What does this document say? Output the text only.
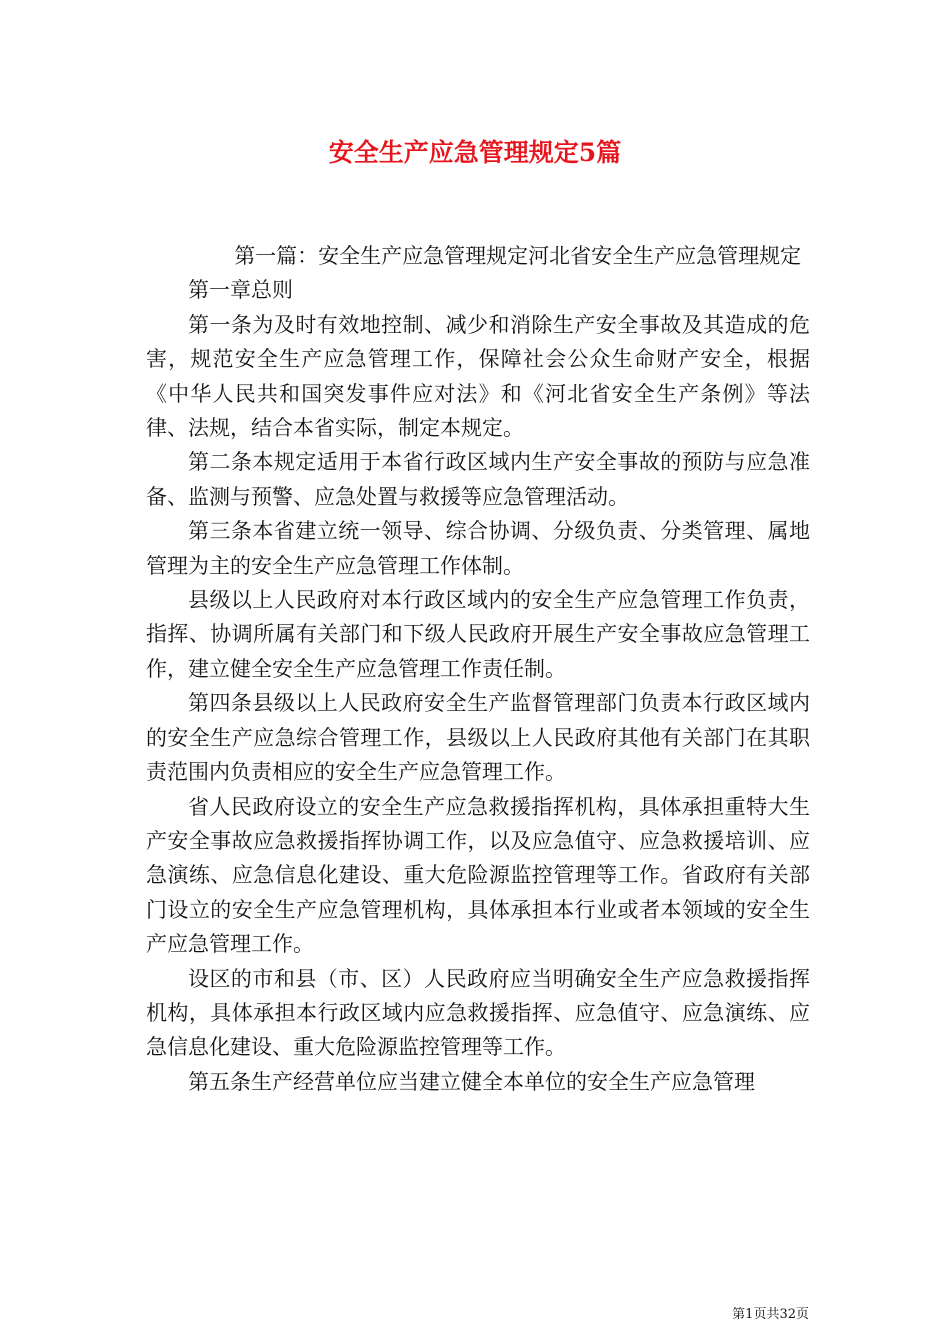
安全生产应急管理规定5篇

第一篇：安全生产应急管理规定河北省安全生产应急管理规定

第一章总则

第一条为及时有效地控制、减少和消除生产安全事故及其造成的危害，规范安全生产应急管理工作，保障社会公众生命财产安全，根据《中华人民共和国突发事件应对法》和《河北省安全生产条例》等法律、法规，结合本省实际，制定本规定。

第二条本规定适用于本省行政区域内生产安全事故的预防与应急准备、监测与预警、应急处置与救援等应急管理活动。

第三条本省建立统一领导、综合协调、分级负责、分类管理、属地管理为主的安全生产应急管理工作体制。

县级以上人民政府对本行政区域内的安全生产应急管理工作负责，指挥、协调所属有关部门和下级人民政府开展生产安全事故应急管理工作，建立健全安全生产应急管理工作责任制。

第四条县级以上人民政府安全生产监督管理部门负责本行政区域内的安全生产应急综合管理工作，县级以上人民政府其他有关部门在其职责范围内负责相应的安全生产应急管理工作。

省人民政府设立的安全生产应急救援指挥机构，具体承担重特大生产安全事故应急救援指挥协调工作，以及应急值守、应急救援培训、应急演练、应急信息化建设、重大危险源监控管理等工作。省政府有关部门设立的安全生产应急管理机构，具体承担本行业或者本领域的安全生产应急管理工作。

设区的市和县（市、区）人民政府应当明确安全生产应急救援指挥机构，具体承担本行政区域内应急救援指挥、应急值守、应急演练、应急信息化建设、重大危险源监控管理等工作。

第五条生产经营单位应当建立健全本单位的安全生产应急管理

第1页共32页
